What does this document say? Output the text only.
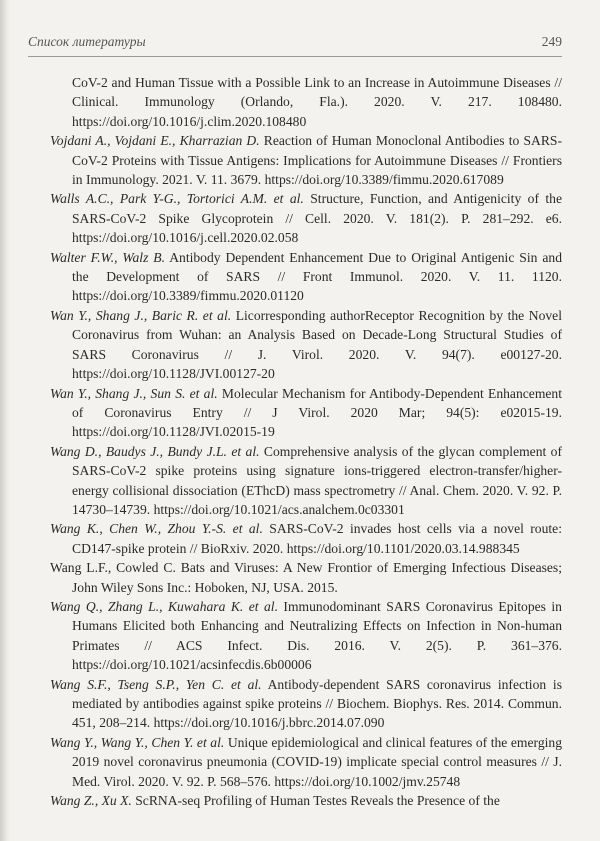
Список литературы	249

CoV-2 and Human Tissue with a Possible Link to an Increase in Autoimmune Diseases // Clinical. Immunology (Orlando, Fla.). 2020. V. 217. 108480. https://doi.org/10.1016/j.clim.2020.108480

Vojdani A., Vojdani E., Kharrazian D. Reaction of Human Monoclonal Antibodies to SARS-CoV-2 Proteins with Tissue Antigens: Implications for Autoimmune Diseases // Frontiers in Immunology. 2021. V. 11. 3679. https://doi.org/10.3389/fimmu.2020.617089

Walls A.C., Park Y-G., Tortorici A.M. et al. Structure, Function, and Antigenicity of the SARS-CoV-2 Spike Glycoprotein // Cell. 2020. V. 181(2). P. 281–292. e6. https://doi.org/10.1016/j.cell.2020.02.058

Walter F.W., Walz B. Antibody Dependent Enhancement Due to Original Antigenic Sin and the Development of SARS // Front Immunol. 2020. V. 11. 1120. https://doi.org/10.3389/fimmu.2020.01120

Wan Y., Shang J., Baric R. et al. Licorresponding authorReceptor Recognition by the Novel Coronavirus from Wuhan: an Analysis Based on Decade-Long Structural Studies of SARS Coronavirus // J. Virol. 2020. V. 94(7). e00127-20. https://doi.org/10.1128/JVI.00127-20

Wan Y., Shang J., Sun S. et al. Molecular Mechanism for Antibody-Dependent Enhancement of Coronavirus Entry // J Virol. 2020 Mar; 94(5): e02015-19. https://doi.org/10.1128/JVI.02015-19

Wang D., Baudys J., Bundy J.L. et al. Comprehensive analysis of the glycan complement of SARS-CoV-2 spike proteins using signature ions-triggered electron-transfer/higher-energy collisional dissociation (EThcD) mass spectrometry // Anal. Chem. 2020. V. 92. P. 14730–14739. https://doi.org/10.1021/acs.analchem.0c03301

Wang K., Chen W., Zhou Y.-S. et al. SARS-CoV-2 invades host cells via a novel route: CD147-spike protein // BioRxiv. 2020. https://doi.org/10.1101/2020.03.14.988345

Wang L.F., Cowled C. Bats and Viruses: A New Frontior of Emerging Infectious Diseases; John Wiley Sons Inc.: Hoboken, NJ, USA. 2015.

Wang Q., Zhang L., Kuwahara K. et al. Immunodominant SARS Coronavirus Epitopes in Humans Elicited both Enhancing and Neutralizing Effects on Infection in Non-human Primates // ACS Infect. Dis. 2016. V. 2(5). P. 361–376. https://doi.org/10.1021/acsinfecdis.6b00006

Wang S.F., Tseng S.P., Yen C. et al. Antibody-dependent SARS coronavirus infection is mediated by antibodies against spike proteins // Biochem. Biophys. Res. 2014. Commun. 451, 208–214. https://doi.org/10.1016/j.bbrc.2014.07.090

Wang Y., Wang Y., Chen Y. et al. Unique epidemiological and clinical features of the emerging 2019 novel coronavirus pneumonia (COVID-19) implicate special control measures // J. Med. Virol. 2020. V. 92. P. 568–576. https://doi.org/10.1002/jmv.25748

Wang Z., Xu X. ScRNA-seq Profiling of Human Testes Reveals the Presence of the
